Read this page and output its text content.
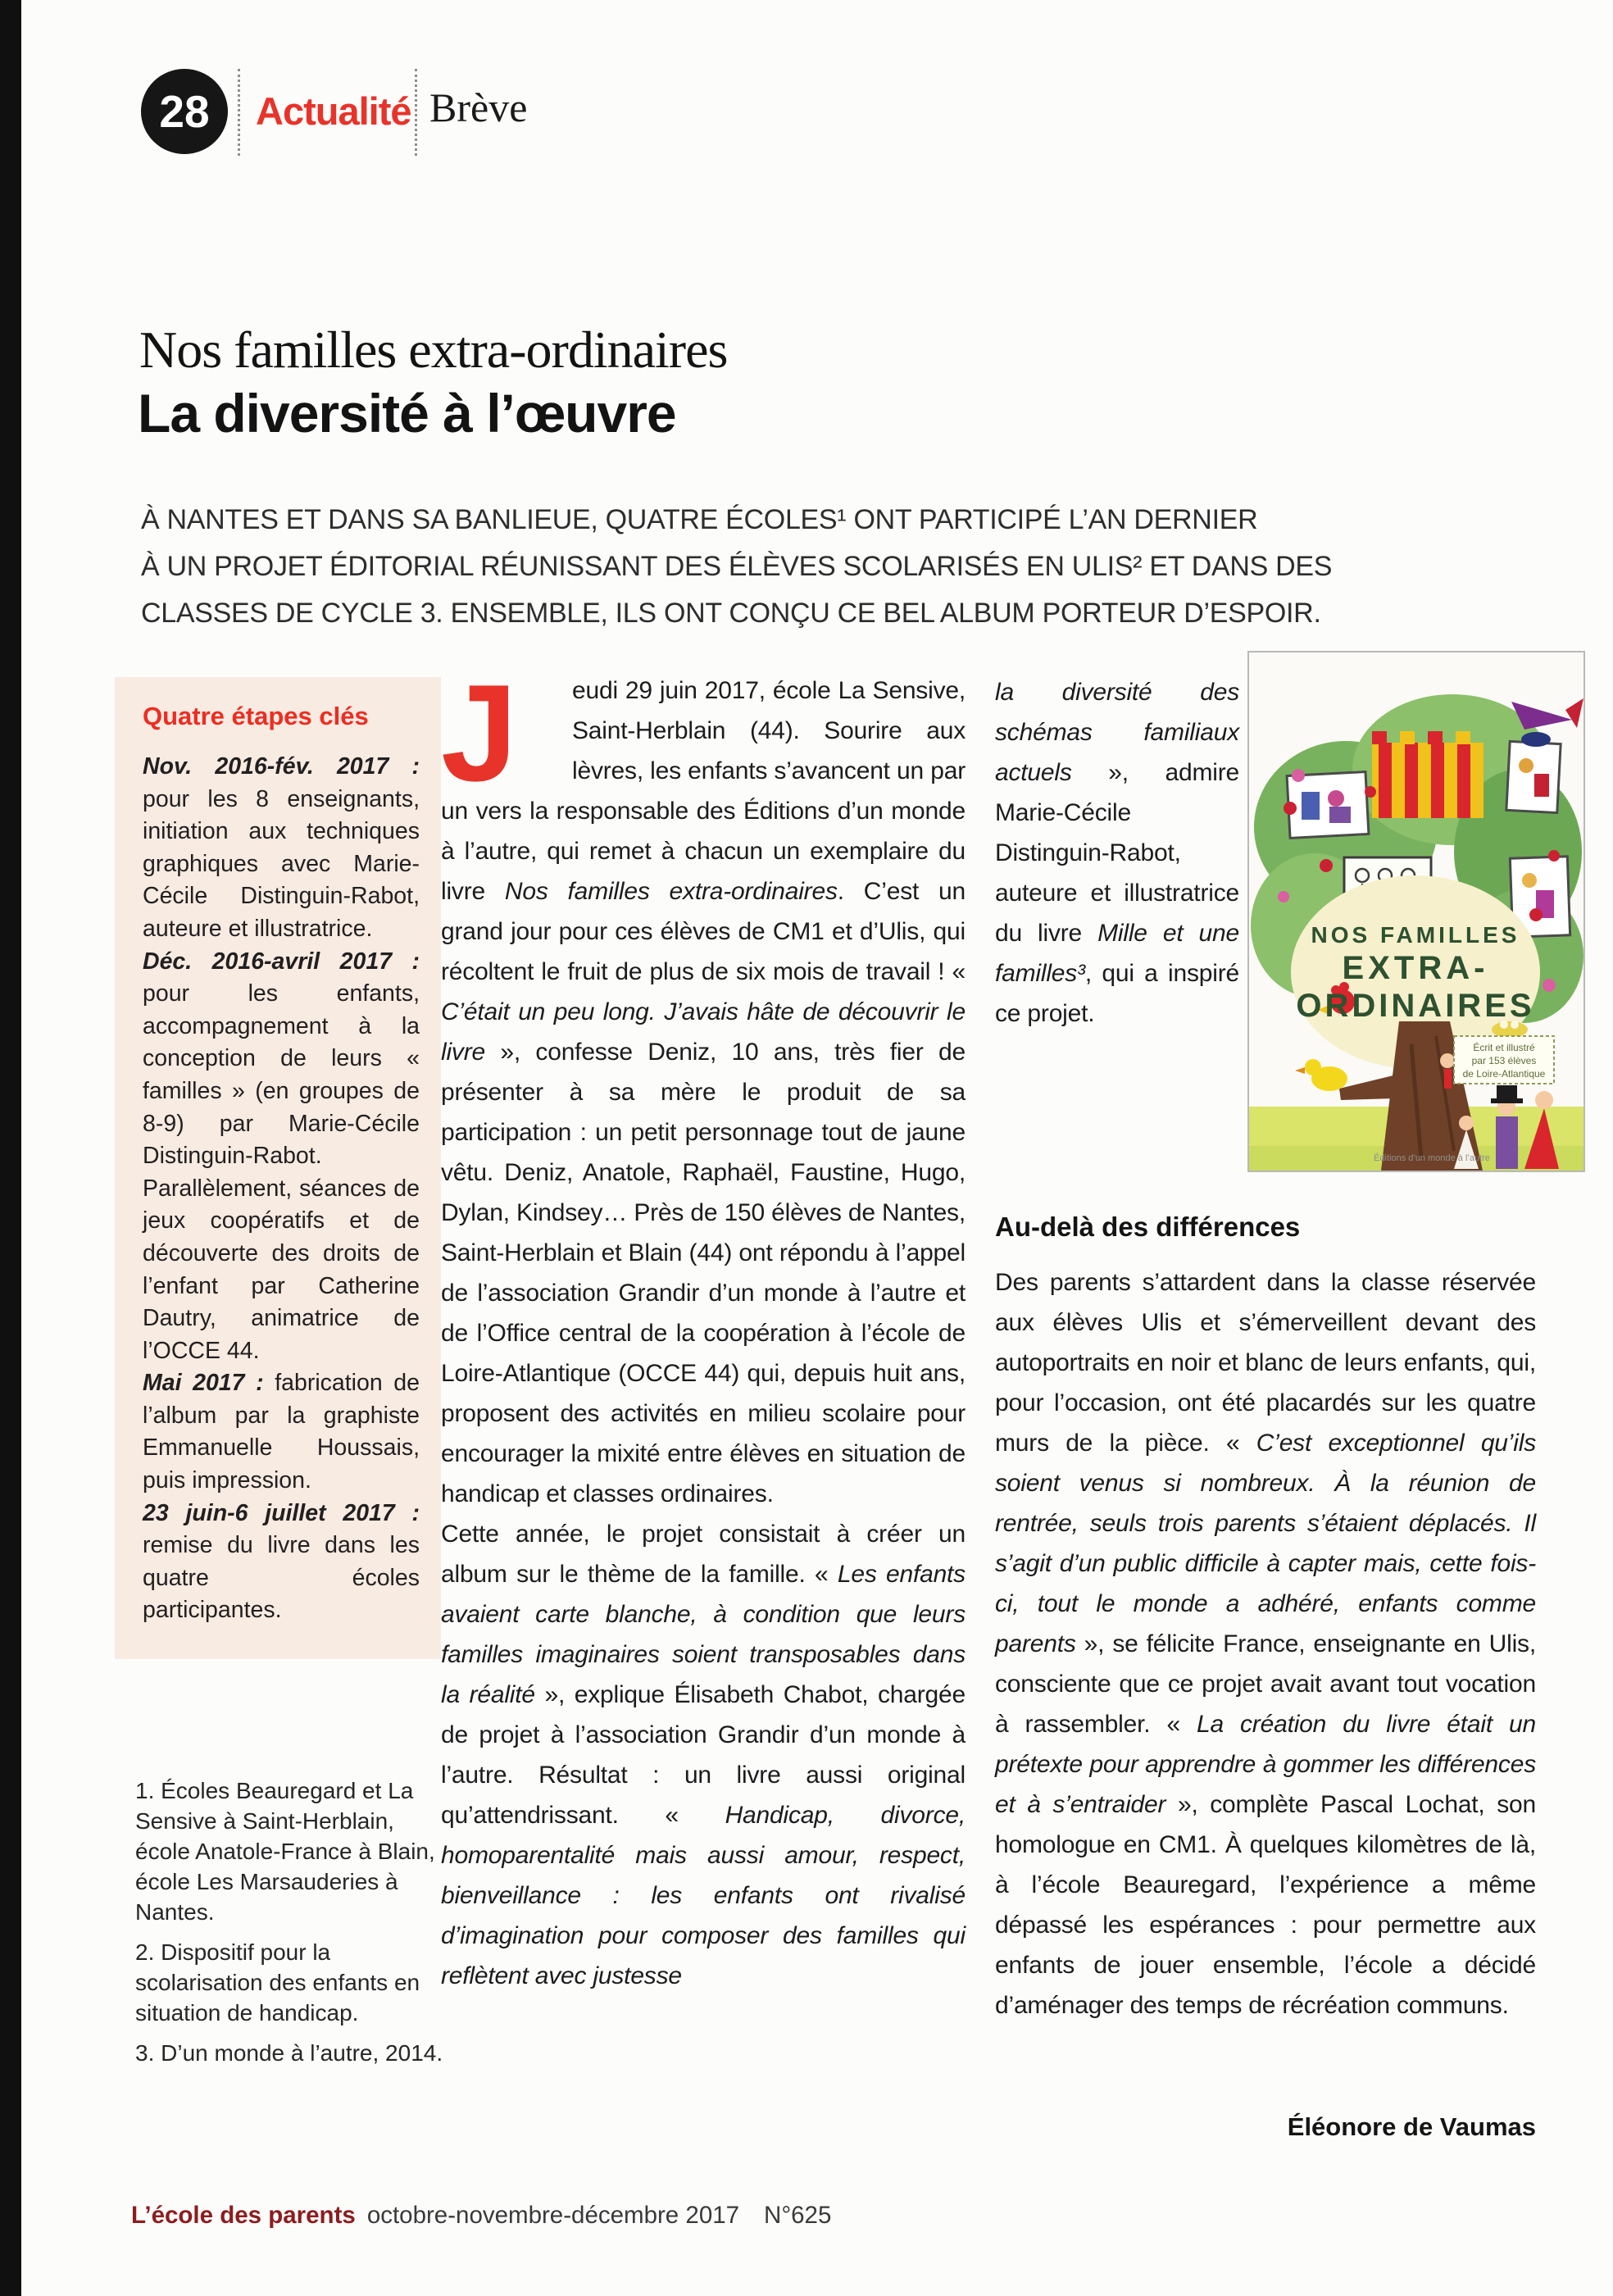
28 Actualité Brève
Nos familles extra-ordinaires
La diversité à l’œuvre
À NANTES ET DANS SA BANLIEUE, QUATRE ÉCOLES¹ ONT PARTICIPÉ L’AN DERNIER
À UN PROJET ÉDITORIAL RÉUNISSANT DES ÉLÈVES SCOLARISÉS EN ULIS² ET DANS DES
CLASSES DE CYCLE 3. ENSEMBLE, ILS ONT CONÇU CE BEL ALBUM PORTEUR D’ESPOIR.
Quatre étapes clés

Nov. 2016-fév. 2017 : pour les 8 enseignants, initiation aux techniques graphiques avec Marie-Cécile Distinguin-Rabot, auteure et illustratrice.

Déc. 2016-avril 2017 : pour les enfants, accompagnement à la conception de leurs « familles » (en groupes de 8-9) par Marie-Cécile Distinguin-Rabot. Parallèlement, séances de jeux coopératifs et de découverte des droits de l’enfant par Catherine Dautry, animatrice de l’OCCE 44.

Mai 2017 : fabrication de l’album par la graphiste Emmanuelle Houssais, puis impression.

23 juin-6 juillet 2017 : remise du livre dans les quatre écoles participantes.

J	eudi 29 juin 2017, école La Sensive, Saint-Herblain (44). Sourire aux lèvres, les enfants s’avancent un par un vers la responsable des Éditions d’un monde à l’autre, qui remet à chacun un exemplaire du livre Nos familles extra-ordinaires. C’est un grand jour pour ces élèves de CM1 et d’Ulis, qui récoltent le fruit de plus de six mois de travail ! « C’était un peu long. J’avais hâte de découvrir le livre », confesse Deniz, 10 ans, très fier de présenter à sa mère le produit de sa participation : un petit personnage tout de jaune vêtu. Deniz, Anatole, Raphaël, Faustine, Hugo, Dylan, Kindsey… Près de 150 élèves de Nantes, Saint-Herblain et Blain (44) ont répondu à l’appel de l’association Grandir d’un monde à l’autre et de l’Office central de la coopération à l’école de Loire-Atlantique (OCCE 44) qui, depuis huit ans, proposent des activités en milieu scolaire pour encourager la mixité entre élèves en situation de handicap et classes ordinaires.

Cette année, le projet consistait à créer un album sur le thème de la famille. « Les enfants avaient carte blanche, à condition que leurs familles imaginaires soient transposables dans la réalité », explique Élisabeth Chabot, chargée de projet à l’association Grandir d’un monde à l’autre. Résultat : un livre aussi original qu’attendrissant. « Handicap, divorce, homoparentalité mais aussi amour, respect, bienveillance : les enfants ont rivalisé d’imagination pour composer des familles qui reflètent avec justesse

la diversité des schémas familiaux actuels », admire Marie-Cécile Distinguin-Rabot, auteure et illustratrice du livre Mille et une familles³, qui a inspiré ce projet.
NOS FAMILLES
EXTRA-
ORDINAIRES
Écrit et illustré
par 153 élèves
de Loire-Atlantique
Éditions d’un monde à l’autre
Au-delà des différences
Des parents s’attardent dans la classe réservée aux élèves Ulis et s’émerveillent devant des autoportraits en noir et blanc de leurs enfants, qui, pour l’occasion, ont été placardés sur les quatre murs de la pièce. « C’est exceptionnel qu’ils soient venus si nombreux. À la réunion de rentrée, seuls trois parents s’étaient déplacés. Il s’agit d’un public difficile à capter mais, cette fois-ci, tout le monde a adhéré, enfants comme parents », se félicite France, enseignante en Ulis, consciente que ce projet avait avant tout vocation à rassembler. « La création du livre était un prétexte pour apprendre à gommer les différences et à s’entraider », complète Pascal Lochat, son homologue en CM1. À quelques kilomètres de là, à l’école Beauregard, l’expérience a même dépassé les espérances : pour permettre aux enfants de jouer ensemble, l’école a décidé d’aménager des temps de récréation communs.
Éléonore de Vaumas

1. Écoles Beauregard et La Sensive à Saint-Herblain, école Anatole-France à Blain, école Les Marsauderies à Nantes.

2. Dispositif pour la scolarisation des enfants en situation de handicap.

3. D’un monde à l’autre, 2014.

L’école des parents octobre-novembre-décembre 2017 N°625
